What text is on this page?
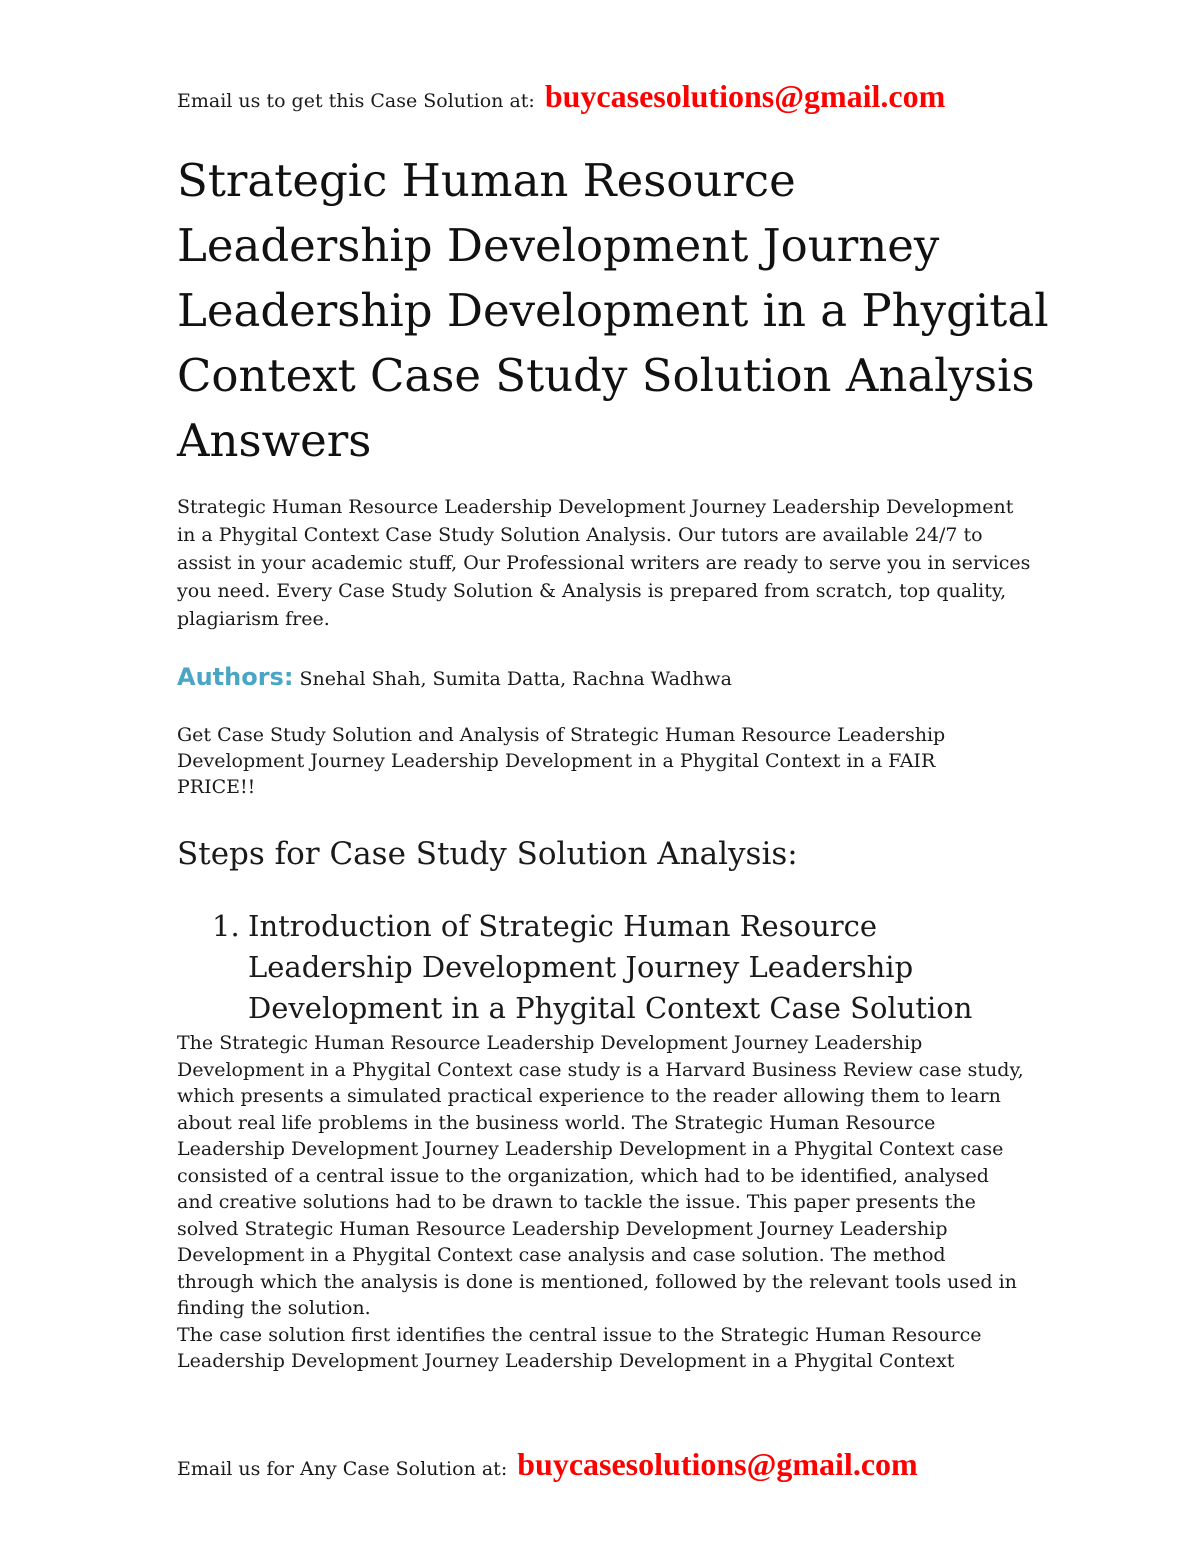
Email us to get this Case Solution at: buycasesolutions@gmail.com
Strategic Human Resource Leadership Development Journey Leadership Development in a Phygital Context Case Study Solution Analysis Answers

Strategic Human Resource Leadership Development Journey Leadership Development in a Phygital Context Case Study Solution Analysis. Our tutors are available 24/7 to assist in your academic stuff, Our Professional writers are ready to serve you in services you need. Every Case Study Solution & Analysis is prepared from scratch, top quality, plagiarism free.

Authors: Snehal Shah, Sumita Datta, Rachna Wadhwa

Get Case Study Solution and Analysis of Strategic Human Resource Leadership Development Journey Leadership Development in a Phygital Context in a FAIR PRICE!!

Steps for Case Study Solution Analysis:
1. Introduction of Strategic Human Resource Leadership Development Journey Leadership Development in a Phygital Context Case Solution

The Strategic Human Resource Leadership Development Journey Leadership Development in a Phygital Context case study is a Harvard Business Review case study, which presents a simulated practical experience to the reader allowing them to learn about real life problems in the business world. The Strategic Human Resource Leadership Development Journey Leadership Development in a Phygital Context case consisted of a central issue to the organization, which had to be identified, analysed and creative solutions had to be drawn to tackle the issue. This paper presents the solved Strategic Human Resource Leadership Development Journey Leadership Development in a Phygital Context case analysis and case solution. The method through which the analysis is done is mentioned, followed by the relevant tools used in finding the solution.

The case solution first identifies the central issue to the Strategic Human Resource Leadership Development Journey Leadership Development in a Phygital Context

Email us for Any Case Solution at: buycasesolutions@gmail.com
